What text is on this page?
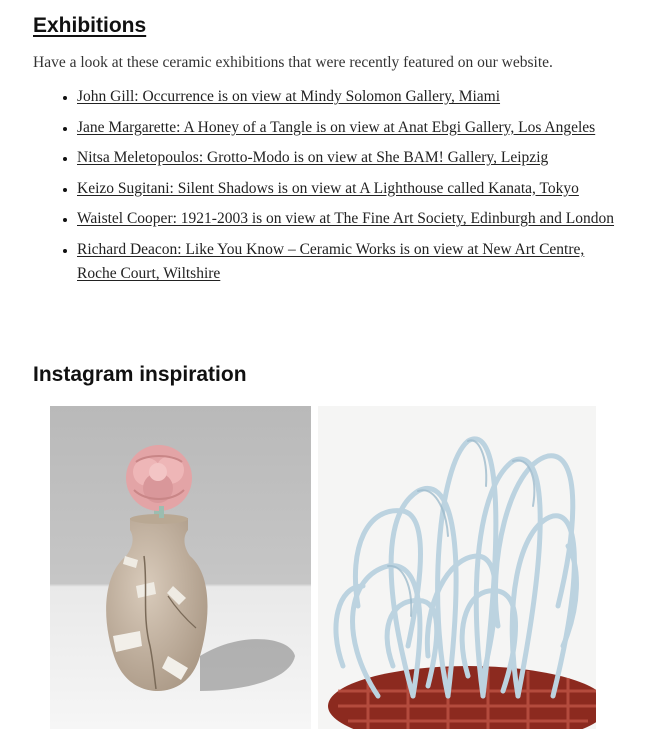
Exhibitions

Have a look at these ceramic exhibitions that were recently featured on our website.

• John Gill: Occurrence is on view at Mindy Solomon Gallery, Miami
• Jane Margarette: A Honey of a Tangle is on view at Anat Ebgi Gallery, Los Angeles
• Nitsa Meletopoulos: Grotto-Modo is on view at She BAM! Gallery, Leipzig
• Keizo Sugitani: Silent Shadows is on view at A Lighthouse called Kanata, Tokyo
• Waistel Cooper: 1921-2003 is on view at The Fine Art Society, Edinburgh and London
• Richard Deacon: Like You Know – Ceramic Works is on view at New Art Centre, Roche Court, Wiltshire
Instagram inspiration
